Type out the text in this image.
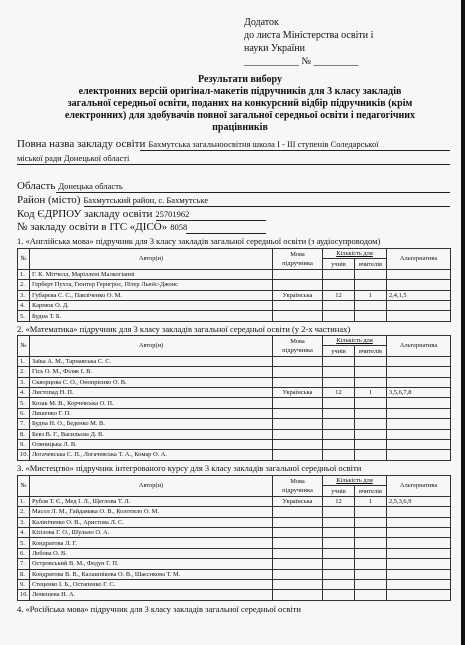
Додаток
до листа Міністерства освіти і
науки України
___________ № _________
Результати вибору
електронних версій оригінал-макетів підручників для 3 класу закладів
загальної середньої освіти, поданих на конкурсний відбір підручників (крім
електронних) для здобувачів повної загальної середньої освіти і педагогічних
працівників
Повна назва закладу освіти Бахмутська загальноосвітня школа І - ІІІ ступенів Соледарської
міської ради Донецької області
Область Донецька область
Район (місто) Бахмутський район, с. Бахмутське
Код ЄДРПОУ закладу освіти 25701962
№ закладу освіти в ІТС «ДІСО» 8058
1. «Англійська мова» підручник для 3 класу закладів загальної середньої освіти (з аудіосупроводом)
№	Автор(и)	Мова підручника	Кількість для		Альтернатива
			учнів	вчителів	
1.	Г. К. Мітчелл, Маріллені Малкогіанні				
2.	Герберт Пухта, Гюнтер Гернгрос, Пітер Льюїс-Джонс				
3.	Губарєва С. С., Павліченко О. М.	Українська	12	1	2,4,1,5
4.	Карпюк О. Д.				
5.	Будна Т. Б.				
2. «Математика» підручник для 3 класу закладів загальної середньої освіти (у 2-х частинах)
№	Автор(и)	Мова підручника	Кількість для		Альтернатива
			учнів	вчителів	
1.	Заїка А. М., Тарнавська С. С.				
2.	Гісь О. М., Філяк І. В.				
3.	Скворцова С. О., Онопрієнко О. В.				
4.	Листопад Н. П.	Українська	12	1	3,5,6,7,8
5.	Козак М. В., Корчевська О. П.				
6.	Лишенко Г. П.				
7.	Будна Н. О., Беденко М. В.				
8.	Бевз В. Г., Васильєва Д. В.				
9.	Оляницька Л. В.				
10.	Логачевська С. П., Логачевська Т. А., Комар О. А.				
3. «Мистецтво» підручник інтегрованого курсу для 3 класу закладів загальної середньої освіти
№	Автор(и)	Мова підручника	Кількість для		Альтернатива
			учнів	вчителів	
1.	Рубля Т. Є., Мед І. Л., Щеглова Т. Л.	Українська	12	1	2,5,3,6,9
2.	Масол Л. М., Гайдамака О. В., Колотило О. М.				
3.	Калініченко О. В., Аристова Л. С.				
4.	Кізілова Г. О., Шульно О. А.				
5.	Кондратова Л. Г.				
6.	Лобова О. В.				
7.	Островський В. М., Федун Г. П.				
8.	Кондратова В. В., Калашнікова О. В., Шаєснкова Т. М.				
9.	Стеценко І. Б., Остапенко Г. С.				
10.	Лемешева Н. А.				
4. «Російська мова» підручник для 3 класу закладів загальної середньої освіти
